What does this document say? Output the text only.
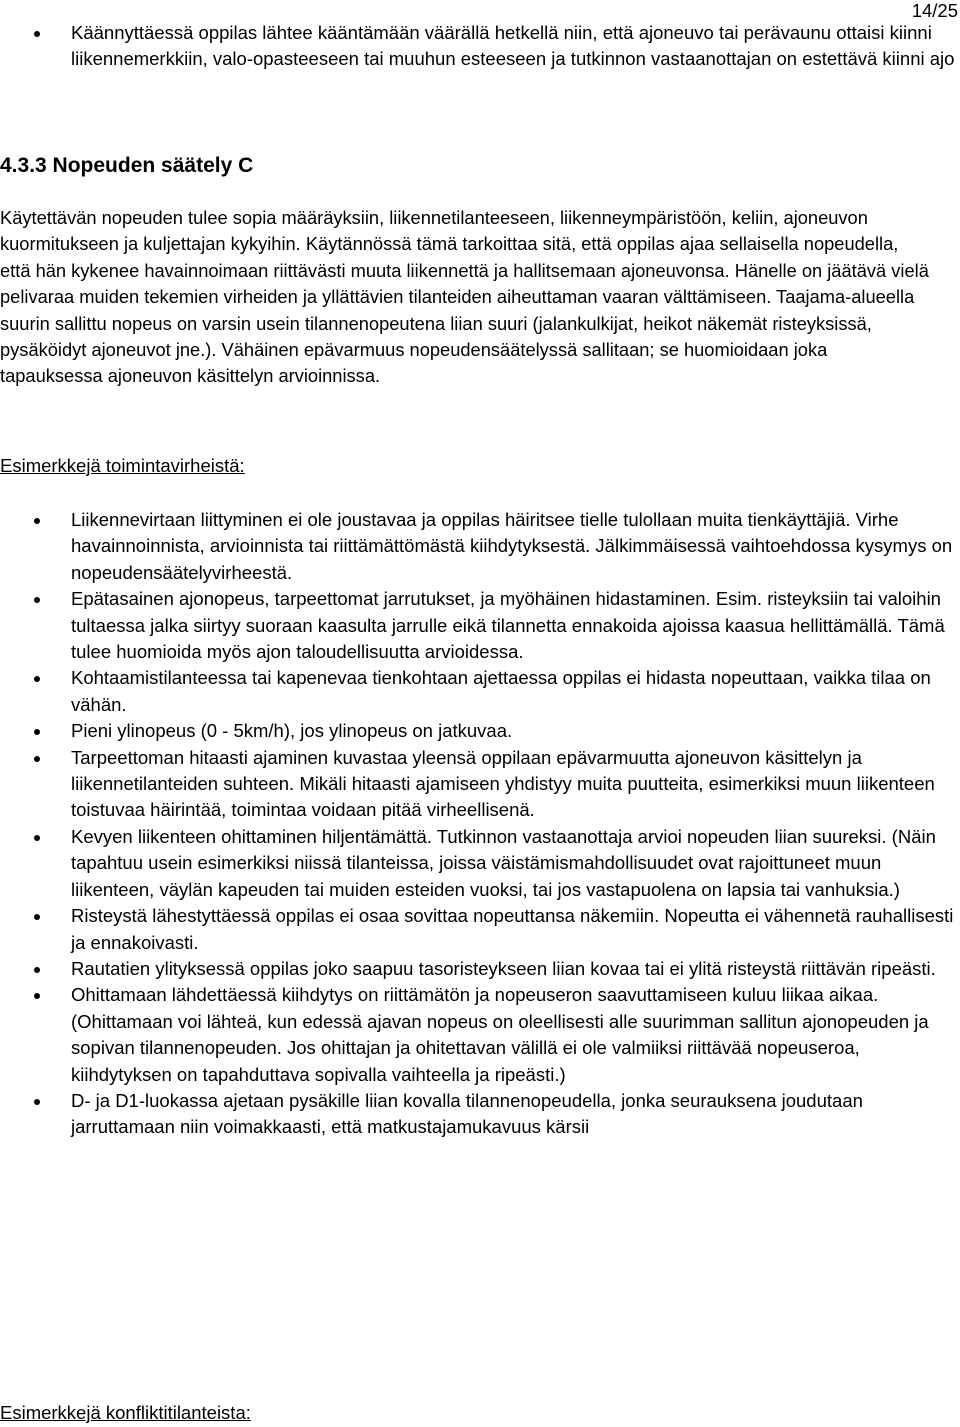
14/25
Käännyttäessä oppilas lähtee kääntämään väärällä hetkellä niin, että ajoneuvo tai perävaunu ottaisi kiinni liikennemerkkiin, valo-opasteeseen tai muuhun esteeseen ja tutkinnon vastaanottajan on estettävä kiinni ajo
4.3.3 Nopeuden säätely C
Käytettävän nopeuden tulee sopia määräyksiin, liikennetilanteeseen, liikenneympäristöön, keliin, ajoneuvon kuormitukseen ja kuljettajan kykyihin. Käytännössä tämä tarkoittaa sitä, että oppilas ajaa sellaisella nopeudella, että hän kykenee havainnoimaan riittävästi muuta liikennettä ja hallitsemaan ajoneuvonsa. Hänelle on jäätävä vielä pelivaraa muiden tekemien virheiden ja yllättävien tilanteiden aiheuttaman vaaran välttämiseen. Taajama-alueella suurin sallittu nopeus on varsin usein tilannenopeutena liian suuri (jalankulkijat, heikot näkemät risteyksissä, pysäköidyt ajoneuvot jne.). Vähäinen epävarmuus nopeudensäätelyssä sallitaan; se huomioidaan joka tapauksessa ajoneuvon käsittelyn arvioinnissa.
Esimerkkejä toimintavirheistä:
Liikennevirtaan liittyminen ei ole joustavaa ja oppilas häiritsee tielle tulollaan muita tienkäyttäjiä. Virhe havainnoinnista, arvioinnista tai riittämättömästä kiihdytyksestä. Jälkimmäisessä vaihtoehdossa kysymys on nopeudensäätelyvirheestä.
Epätasainen ajonopeus, tarpeettomat jarrutukset, ja myöhäinen hidastaminen. Esim. risteyksiin tai valoihin tultaessa jalka siirtyy suoraan kaasulta jarrulle eikä tilannetta ennakoida ajoissa kaasua hellittämällä. Tämä tulee huomioida myös ajon taloudellisuutta arvioidessa.
Kohtaamistilanteessa tai kapenevaa tienkohtaan ajettaessa oppilas ei hidasta nopeuttaan, vaikka tilaa on vähän.
Pieni ylinopeus (0 - 5km/h), jos ylinopeus on jatkuvaa.
Tarpeettoman hitaasti ajaminen kuvastaa yleensä oppilaan epävarmuutta ajoneuvon käsittelyn ja liikennetilanteiden suhteen. Mikäli hitaasti ajamiseen yhdistyy muita puutteita, esimerkiksi muun liikenteen toistuvaa häirintää, toimintaa voidaan pitää virheellisenä.
Kevyen liikenteen ohittaminen hiljentämättä. Tutkinnon vastaanottaja arvioi nopeuden liian suureksi. (Näin tapahtuu usein esimerkiksi niissä tilanteissa, joissa väistämismahdollisuudet ovat rajoittuneet muun liikenteen, väylän kapeuden tai muiden esteiden vuoksi, tai jos vastapuolena on lapsia tai vanhuksia.)
Risteystä lähestyttäessä oppilas ei osaa sovittaa nopeuttansa näkemiin. Nopeutta ei vähennetä rauhallisesti ja ennakoivasti.
Rautatien ylityksessä oppilas joko saapuu tasoristeykseen liian kovaa tai ei ylitä risteystä riittävän ripeästi.
Ohittamaan lähdettäessä kiihdytys on riittämätön ja nopeuseron saavuttamiseen kuluu liikaa aikaa. (Ohittamaan voi lähteä, kun edessä ajavan nopeus on oleellisesti alle suurimman sallitun ajonopeuden ja sopivan tilannenopeuden. Jos ohittajan ja ohitettavan välillä ei ole valmiiksi riittävää nopeuseroa, kiihdytyksen on tapahduttava sopivalla vaihteella ja ripeästi.)
D- ja D1-luokassa ajetaan pysäkille liian kovalla tilannenopeudella, jonka seurauksena joudutaan jarruttamaan niin voimakkaasti, että matkustajamukavuus kärsii
Esimerkkejä konfliktitilanteista:
